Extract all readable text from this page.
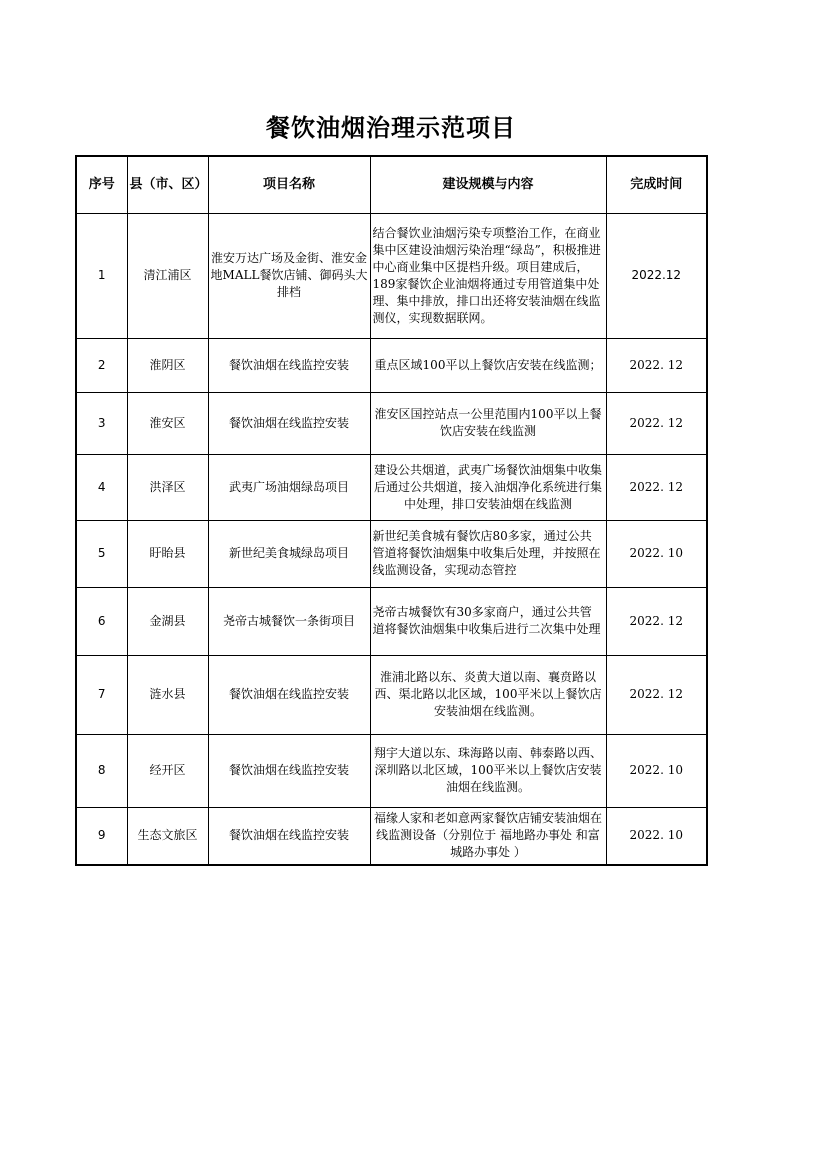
餐饮油烟治理示范项目
序号	县（市、区）	项目名称	建设规模与内容	完成时间

1	清江浦区	淮安万达广场及金街、淮安金地MALL餐饮店铺、御码头大排档	结合餐饮业油烟污染专项整治工作，在商业集中区建设油烟污染治理“绿岛”，积极推进中心商业集中区提档升级。项目建成后，189家餐饮企业油烟将通过专用管道集中处理、集中排放，排口出还将安装油烟在线监测仪，实现数据联网。	2022.12

2	淮阴区	餐饮油烟在线监控安装	重点区域100平以上餐饮店安装在线监测；	2022. 12

3	淮安区	餐饮油烟在线监控安装	淮安区国控站点一公里范围内100平以上餐饮店安装在线监测	2022. 12

4	洪泽区	武夷广场油烟绿岛项目	建设公共烟道，武夷广场餐饮油烟集中收集后通过公共烟道，接入油烟净化系统进行集中处理，排口安装油烟在线监测	2022. 12

5	盱眙县	新世纪美食城绿岛项目	新世纪美食城有餐饮店80多家，通过公共管道将餐饮油烟集中收集后处理，并按照在线监测设备，实现动态管控	2022. 10

6	金湖县	尧帝古城餐饮一条街项目	尧帝古城餐饮有30多家商户，通过公共管道将餐饮油烟集中收集后进行二次集中处理	2022. 12

7	涟水县	餐饮油烟在线监控安装	淮浦北路以东、炎黄大道以南、襄贲路以西、渠北路以北区域，100平米以上餐饮店安装油烟在线监测。	2022. 12

8	经开区	餐饮油烟在线监控安装	翔宇大道以东、珠海路以南、韩泰路以西、深圳路以北区域，100平米以上餐饮店安装油烟在线监测。	2022. 10

9	生态文旅区	餐饮油烟在线监控安装	福缘人家和老如意两家餐饮店铺安装油烟在线监测设备（分别位于 福地路办事处 和富城路办事处 ）	2022. 10
